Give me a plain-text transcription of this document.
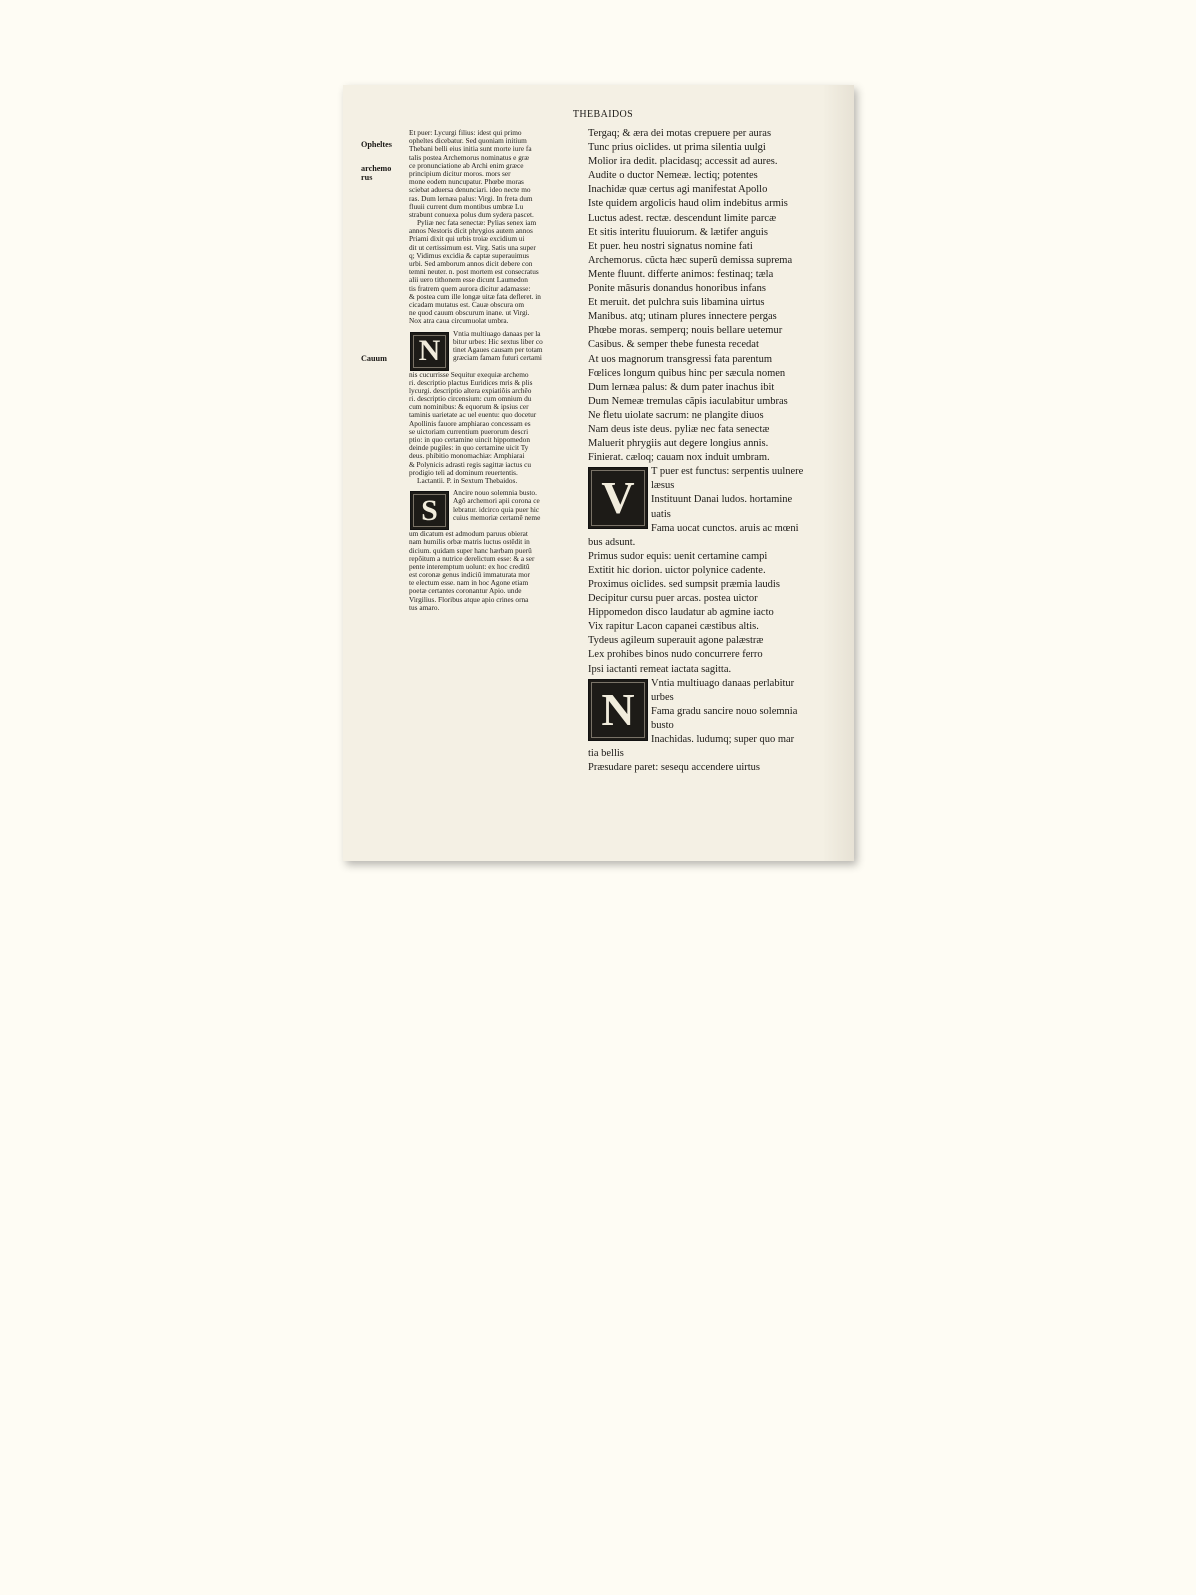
THEBAIDOS
Opheltes
archemo rus
Cauum
Et puer: Lycurgi filius: idest qui primo
opheltes dicebatur. Sed quoniam initium
Thebani belli eius initia sunt morte iure fa
talis postea Archemorus nominatus e græ
ce pronunciatione ab Archi enim græce
principium dicitur moros. mors ser
mone eodem nuncupatur. Phœbe moras
sciebat aduersa denunciari. ideo necte mo
ras. Dum lernæa palus: Virgi. In freta dum
fluuii current dum montibus umbræ Lu
strabunt conuexa polus dum sydera pascet.
Pyliæ nec fata senectæ: Pylias senex iam
annos Nestoris dicit phrygios autem annos
Priami dixit qui urbis troiæ excidium ui
dit ut certissimum est. Virg. Satis una super
q; Vidimus excidia & captæ superauimus
urbi. Sed amborum annos dicit debere con
temni neuter. n. post mortem est consecratus
alii uero tithonem esse dicunt Laumedon
tis fratrem quem aurora dicitur adamasse:
& postea cum ille longæ uitæ fata defleret. in
cicadam mutatus est. Cauæ obscura om
ne quod cauum obscurum inane. ut Virgi.
Nox atra caua circumuolat umbra.
N
Vntia multiuago danaas per la
bitur urbes: Hic sextus liber co
tinet Agaues causam per totam
græciam famam futuri certami
nis cucurrisse Sequitur exequiæ archemo
ri. descriptio plactus Euridices mris & plis
lycurgi. descriptio altera expiatiõis archẽo
ri. descriptio circensium: cum omnium du
cum nominibus: & equorum & ipsius cer
taminis uarietate ac uel euentu: quo docetur
Apollinis fauore amphiarao concessam es
se uictoriam currentium puerorum descri
ptio: in quo certamine uincit hippomedon
deinde pugiles: in quo certamine uicit Ty
deus. phibitio monomachiæ: Amphiarai
& Polynicis adrasti regis sagittæ iactus cu
prodigio teli ad dominum reuertentis.
Lactantii. P. in Sextum Thebaidos.
S
Ancire nouo solemnia busto.
Agõ archemori apii corona ce
lebratur. idcirco quia puer hic
cuius memoriæ certamẽ neme
um dicatum est admodum paruus obierat
nam humilis orbæ matris luctus ostẽdit in
dicium. quidam super hanc hærbam puerũ
repõitum a nutrice derelictum esse: & a ser
pente interemptum uolunt: ex hoc creditũ
est coronæ genus indiciũ immaturata mor
te electum esse. nam in hoc Agone etiam
poetæ certantes coronantur Apio. unde
Virgilius. Floribus atque apio crines orna
tus amaro.
Tergaq; & æra dei motas crepuere per auras
Tunc prius oiclides. ut prima silentia uulgi
Molior ira dedit. placidasq; accessit ad aures.
Audite o ductor Nemeæ. lectiq; potentes
Inachidæ quæ certus agi manifestat Apollo
Iste quidem argolicis haud olim indebitus armis
Luctus adest. rectæ. descendunt limite parcæ
Et sitis interitu fluuiorum. & lætifer anguis
Et puer. heu nostri signatus nomine fati
Archemorus. cũcta hæc superũ demissa suprema
Mente fluunt. differte animos: festinaq; tæla
Ponite mãsuris donandus honoribus infans
Et meruit. det pulchra suis libamina uirtus
Manibus. atq; utinam plures innectere pergas
Phœbe moras. semperq; nouis bellare uetemur
Casibus. & semper thebe funesta recedat
At uos magnorum transgressi fata parentum
Fœlices longum quibus hinc per sæcula nomen
Dum lernæa palus: & dum pater inachus ibit
Dum Nemeæ tremulas cãpis iaculabitur umbras
Ne fletu uiolate sacrum: ne plangite diuos
Nam deus iste deus. pyliæ nec fata senectæ
Maluerit phrygiis aut degere longius annis.
Finierat. cæloq; cauam nox induit umbram.
V
T puer est functus: serpentis uulnere
læsus
Instituunt Danai ludos. hortamine
uatis
Fama uocat cunctos. aruis ac mœni
bus adsunt.
Primus sudor equis: uenit certamine campi
Extitit hic dorion. uictor polynice cadente.
Proximus oiclides. sed sumpsit præmia laudis
Decipitur cursu puer arcas. postea uictor
Hippomedon disco laudatur ab agmine iacto
Vix rapitur Lacon capanei cæstibus altis.
Tydeus agileum superauit agone palæstræ
Lex prohibes binos nudo concurrere ferro
Ipsi iactanti remeat iactata sagitta.
N
Vntia multiuago danaas perlabitur
urbes
Fama gradu sancire nouo solemnia
busto
Inachidas. ludumq; super quo mar
tia bellis
Præsudare paret: sesequ accendere uirtus
